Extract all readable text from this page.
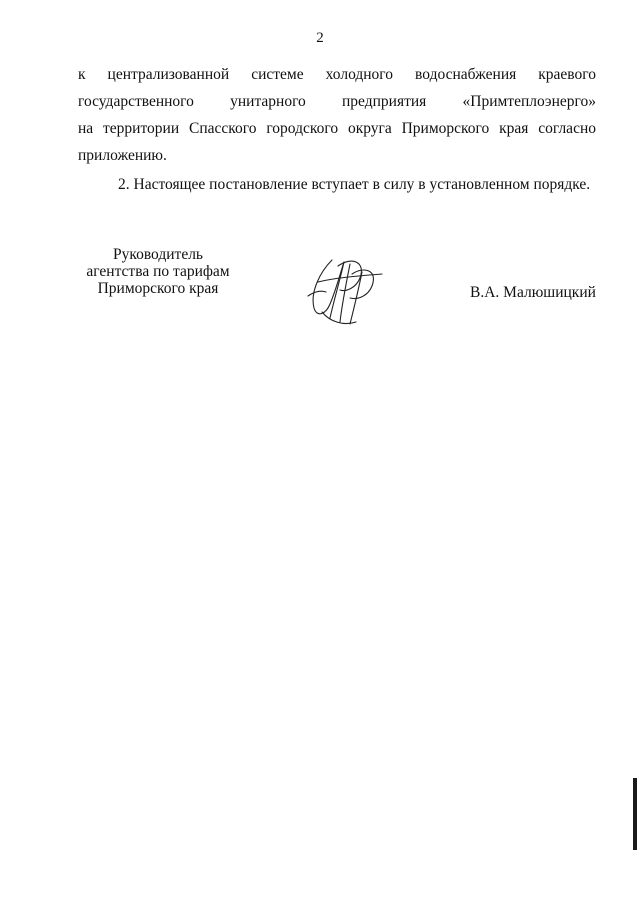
2
к централизованной системе холодного водоснабжения краевого
государственного унитарного предприятия «Примтеплоэнерго»
на территории Спасского городского округа Приморского края согласно
приложению.
2. Настоящее постановление вступает в силу в установленном порядке.
Руководитель
агентства по тарифам
Приморского края	В.А. Малюшицкий
